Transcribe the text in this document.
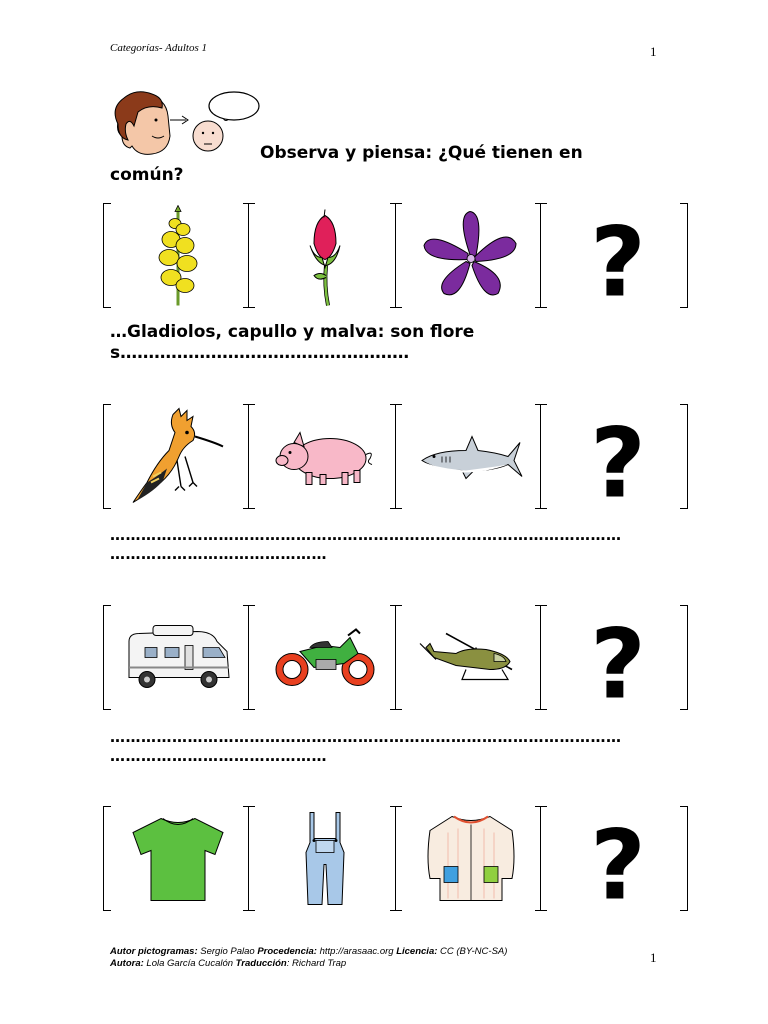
Categorías- Adultos 1	1
Observa y piensa: ¿Qué tienen en común?
?
…Gladiolos, capullo y malva: son flores……………………………………………
?
………………………………………………………………………………………
……………………………………
?
………………………………………………………………………………………
……………………………………
?
Autor pictogramas: Sergio Palao Procedencia: http://arasaac.org Licencia: CC (BY-NC-SA)
Autora: Lola García Cucalón Traducción: Richard Trap	1
